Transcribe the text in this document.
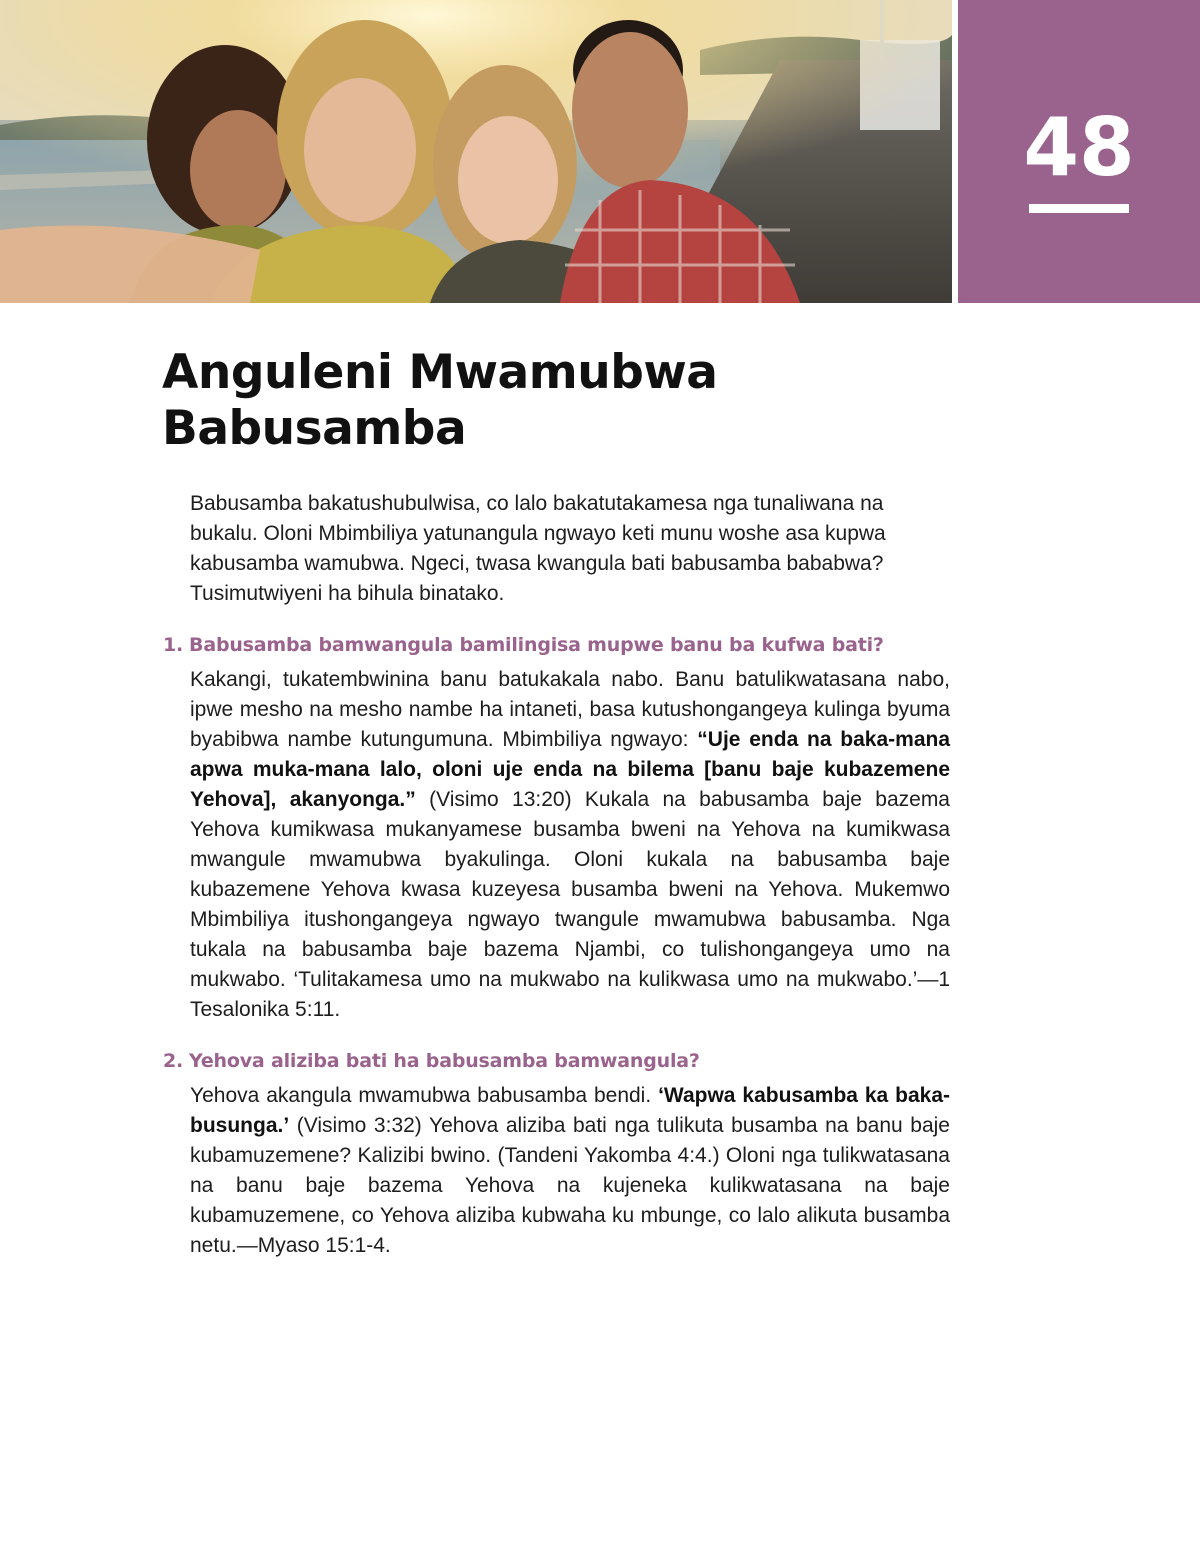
48
Anguleni Mwamubwa
Babusamba

Babusamba bakatushubulwisa, co lalo bakatutakamesa nga tunaliwana na bukalu. Oloni Mbimbiliya yatunangula ngwayo keti munu woshe asa kupwa kabusamba wamubwa. Ngeci, twasa kwangula bati babusamba bababwa? Tusimutwiyeni ha bihula binatako.

1. Babusamba bamwangula bamilingisa mupwe banu ba kufwa bati?

Kakangi, tukatembwinina banu batukakala nabo. Banu batulikwatasana nabo, ipwe mesho na mesho nambe ha intaneti, basa kutushongangeya kulinga byuma byabibwa nambe kutungumuna. Mbimbiliya ngwayo: “Uje enda na baka-mana apwa muka-mana lalo, oloni uje enda na bilema [banu baje kubazemene Yehova], akanyonga.” (Visimo 13:20) Kukala na babusamba baje bazema Yehova kumikwasa mukanyamese busamba bweni na Yehova na kumikwasa mwangule mwamubwa byakulinga. Oloni kukala na babusamba baje kubazemene Yehova kwasa kuzeyesa busamba bweni na Yehova. Mukemwo Mbimbiliya itushongangeya ngwayo twangule mwamubwa babusamba. Nga tukala na babusamba baje bazema Njambi, co tulishongangeya umo na mukwabo. ‘Tulitakamesa umo na mukwabo na kulikwasa umo na mukwabo.’—1 Tesalonika 5:11.

2. Yehova aliziba bati ha babusamba bamwangula?

Yehova akangula mwamubwa babusamba bendi. ‘Wapwa kabusamba ka baka-busunga.’ (Visimo 3:32) Yehova aliziba bati nga tulikuta busamba na banu baje kubamuzemene? Kalizibi bwino. (Tandeni Yakomba 4:4.) Oloni nga tulikwatasana na banu baje bazema Yehova na kujeneka kulikwatasana na baje kubamuzemene, co Yehova aliziba kubwaha ku mbunge, co lalo alikuta busamba netu.—Myaso 15:1-4.
